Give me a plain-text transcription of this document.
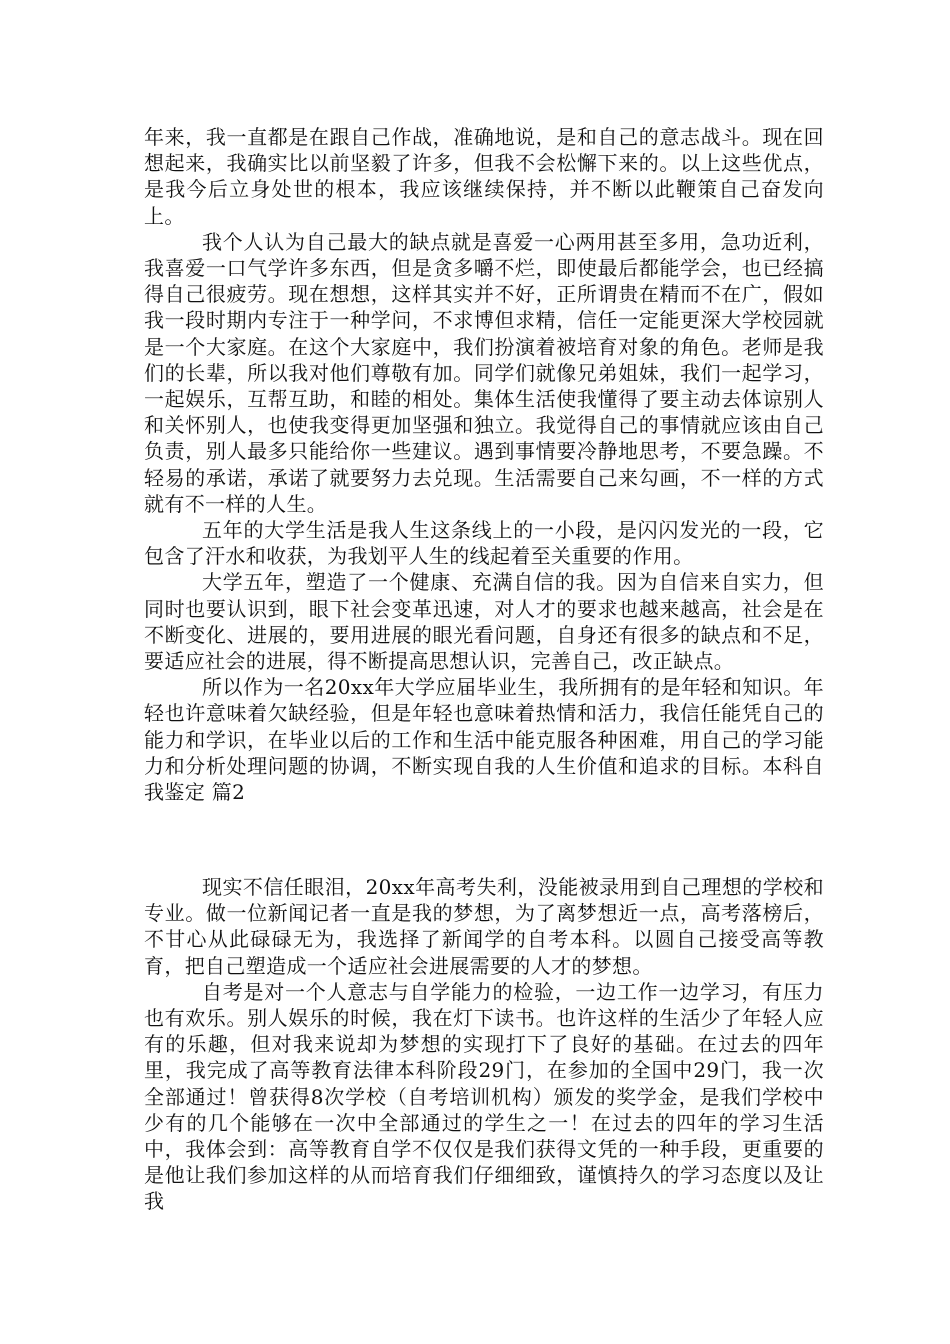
年来，我一直都是在跟自己作战，准确地说，是和自己的意志战斗。现在回想起来，我确实比以前坚毅了许多，但我不会松懈下来的。以上这些优点，是我今后立身处世的根本，我应该继续保持，并不断以此鞭策自己奋发向上。

我个人认为自己最大的缺点就是喜爱一心两用甚至多用，急功近利，我喜爱一口气学许多东西，但是贪多嚼不烂，即使最后都能学会，也已经搞得自己很疲劳。现在想想，这样其实并不好，正所谓贵在精而不在广，假如我一段时期内专注于一种学问，不求博但求精，信任一定能更深大学校园就是一个大家庭。在这个大家庭中，我们扮演着被培育对象的角色。老师是我们的长辈，所以我对他们尊敬有加。同学们就像兄弟姐妹，我们一起学习，一起娱乐，互帮互助，和睦的相处。集体生活使我懂得了要主动去体谅别人和关怀别人，也使我变得更加坚强和独立。我觉得自己的事情就应该由自己负责，别人最多只能给你一些建议。遇到事情要冷静地思考，不要急躁。不轻易的承诺，承诺了就要努力去兑现。生活需要自己来勾画，不一样的方式就有不一样的人生。

五年的大学生活是我人生这条线上的一小段，是闪闪发光的一段，它包含了汗水和收获，为我划平人生的线起着至关重要的作用。

大学五年，塑造了一个健康、充满自信的我。因为自信来自实力，但同时也要认识到，眼下社会变革迅速，对人才的要求也越来越高，社会是在不断变化、进展的，要用进展的眼光看问题，自身还有很多的缺点和不足，要适应社会的进展，得不断提高思想认识，完善自己，改正缺点。

所以作为一名20xx年大学应届毕业生，我所拥有的是年轻和知识。年轻也许意味着欠缺经验，但是年轻也意味着热情和活力，我信任能凭自己的能力和学识，在毕业以后的工作和生活中能克服各种困难，用自己的学习能力和分析处理问题的协调，不断实现自我的人生价值和追求的目标。本科自我鉴定 篇2

现实不信任眼泪，20xx年高考失利，没能被录用到自己理想的学校和专业。做一位新闻记者一直是我的梦想，为了离梦想近一点，高考落榜后，不甘心从此碌碌无为，我选择了新闻学的自考本科。以圆自己接受高等教育，把自己塑造成一个适应社会进展需要的人才的梦想。

自考是对一个人意志与自学能力的检验，一边工作一边学习，有压力也有欢乐。别人娱乐的时候，我在灯下读书。也许这样的生活少了年轻人应有的乐趣，但对我来说却为梦想的实现打下了良好的基础。在过去的四年里，我完成了高等教育法律本科阶段29门，在参加的全国中29门，我一次全部通过！曾获得8次学校（自考培训机构）颁发的奖学金，是我们学校中少有的几个能够在一次中全部通过的学生之一！在过去的四年的学习生活中，我体会到：高等教育自学不仅仅是我们获得文凭的一种手段，更重要的是他让我们参加这样的从而培育我们仔细细致，谨慎持久的学习态度以及让我
